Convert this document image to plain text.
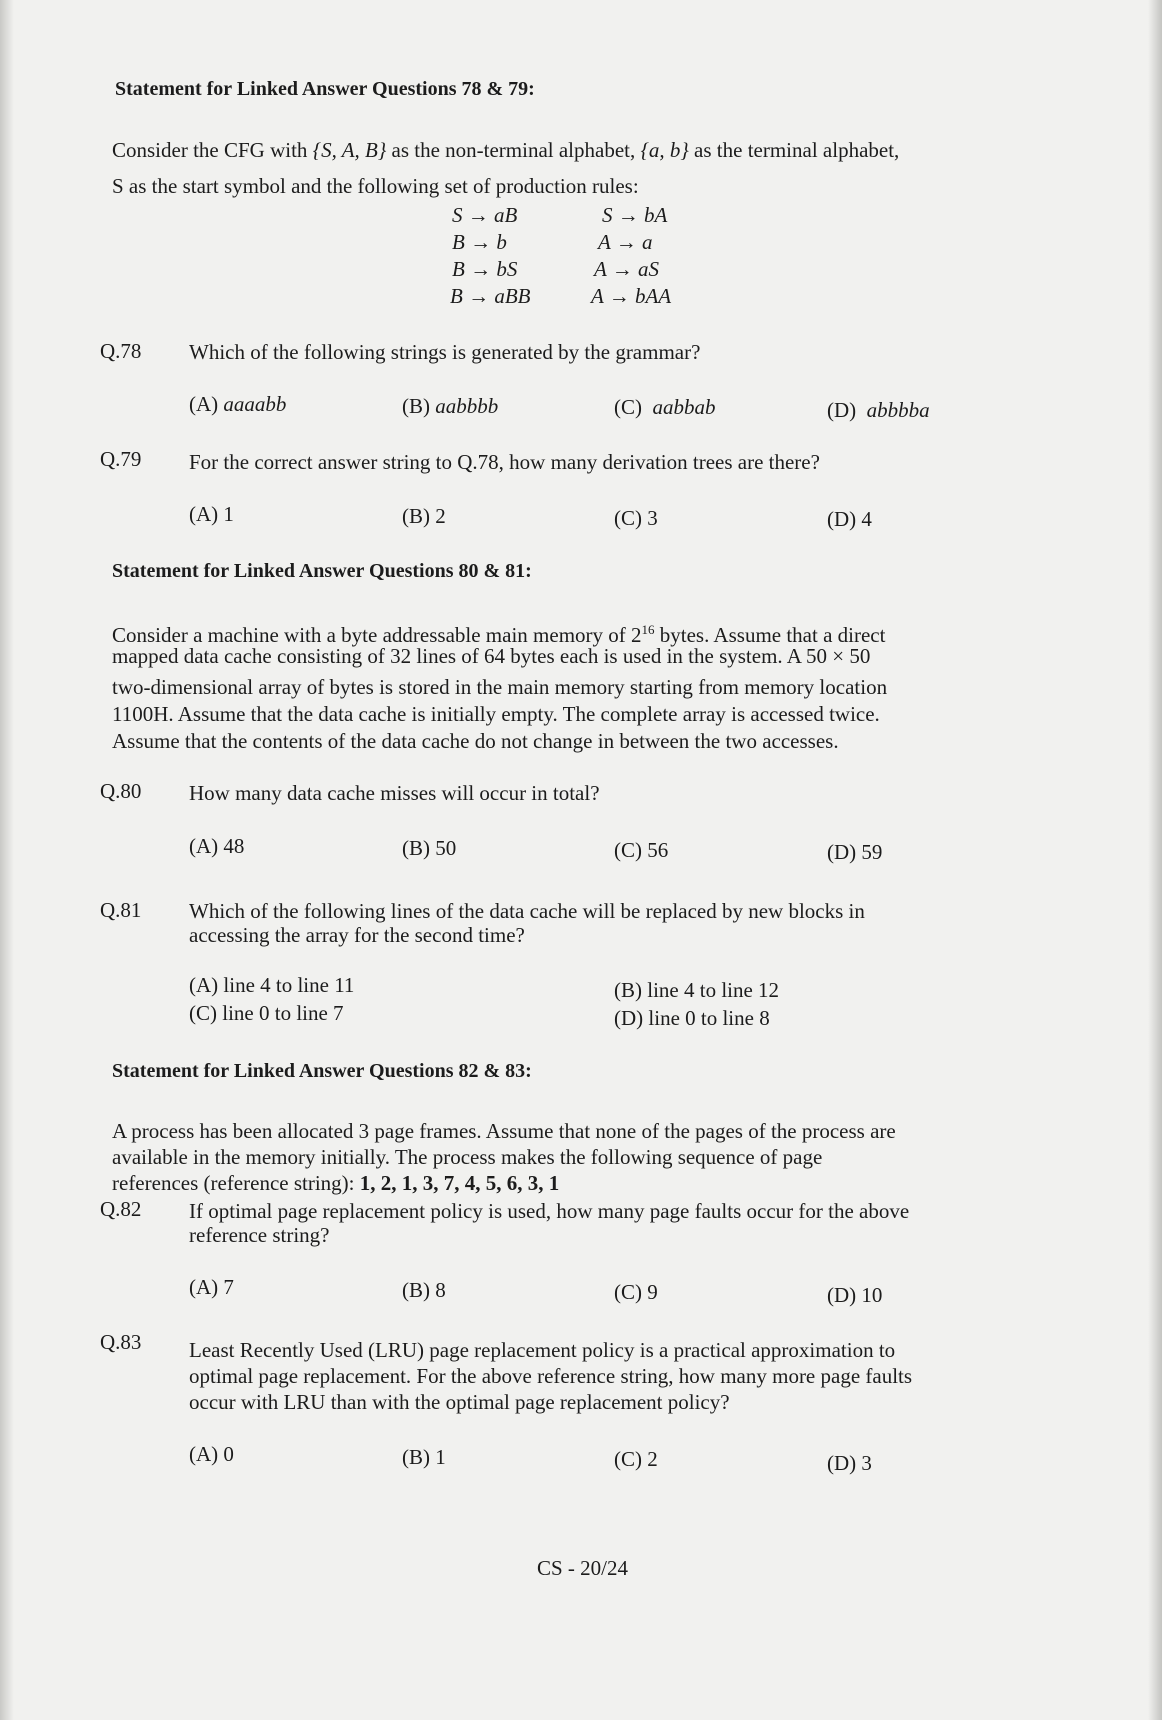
Statement for Linked Answer Questions 78 & 79:
Consider the CFG with {S, A, B} as the non-terminal alphabet, {a, b} as the terminal alphabet,
S as the start symbol and the following set of production rules:
S → aB	S → bA
B → b	A → a
B → bS	A → aS
B → aBB	A → bAA
Q.78 Which of the following strings is generated by the grammar?
(A) aaaabb	(B) aabbbb	(C) aabbab	(D) abbbba
Q.79 For the correct answer string to Q.78, how many derivation trees are there?
(A) 1	(B) 2	(C) 3	(D) 4
Statement for Linked Answer Questions 80 & 81:
Consider a machine with a byte addressable main memory of $2^{16}$ bytes. Assume that a direct
mapped data cache consisting of 32 lines of 64 bytes each is used in the system. A 50 × 50
two-dimensional array of bytes is stored in the main memory starting from memory location
1100H. Assume that the data cache is initially empty. The complete array is accessed twice.
Assume that the contents of the data cache do not change in between the two accesses.
Q.80 How many data cache misses will occur in total?
(A) 48	(B) 50	(C) 56	(D) 59
Q.81 Which of the following lines of the data cache will be replaced by new blocks in
accessing the array for the second time?
(A) line 4 to line 11	(B) line 4 to line 12
(C) line 0 to line 7	(D) line 0 to line 8
Statement for Linked Answer Questions 82 & 83:
A process has been allocated 3 page frames. Assume that none of the pages of the process are
available in the memory initially. The process makes the following sequence of page
references (reference string): 1, 2, 1, 3, 7, 4, 5, 6, 3, 1
Q.82 If optimal page replacement policy is used, how many page faults occur for the above
reference string?
(A) 7	(B) 8	(C) 9	(D) 10
Q.83 Least Recently Used (LRU) page replacement policy is a practical approximation to
optimal page replacement. For the above reference string, how many more page faults
occur with LRU than with the optimal page replacement policy?
(A) 0	(B) 1	(C) 2	(D) 3
CS - 20/24
